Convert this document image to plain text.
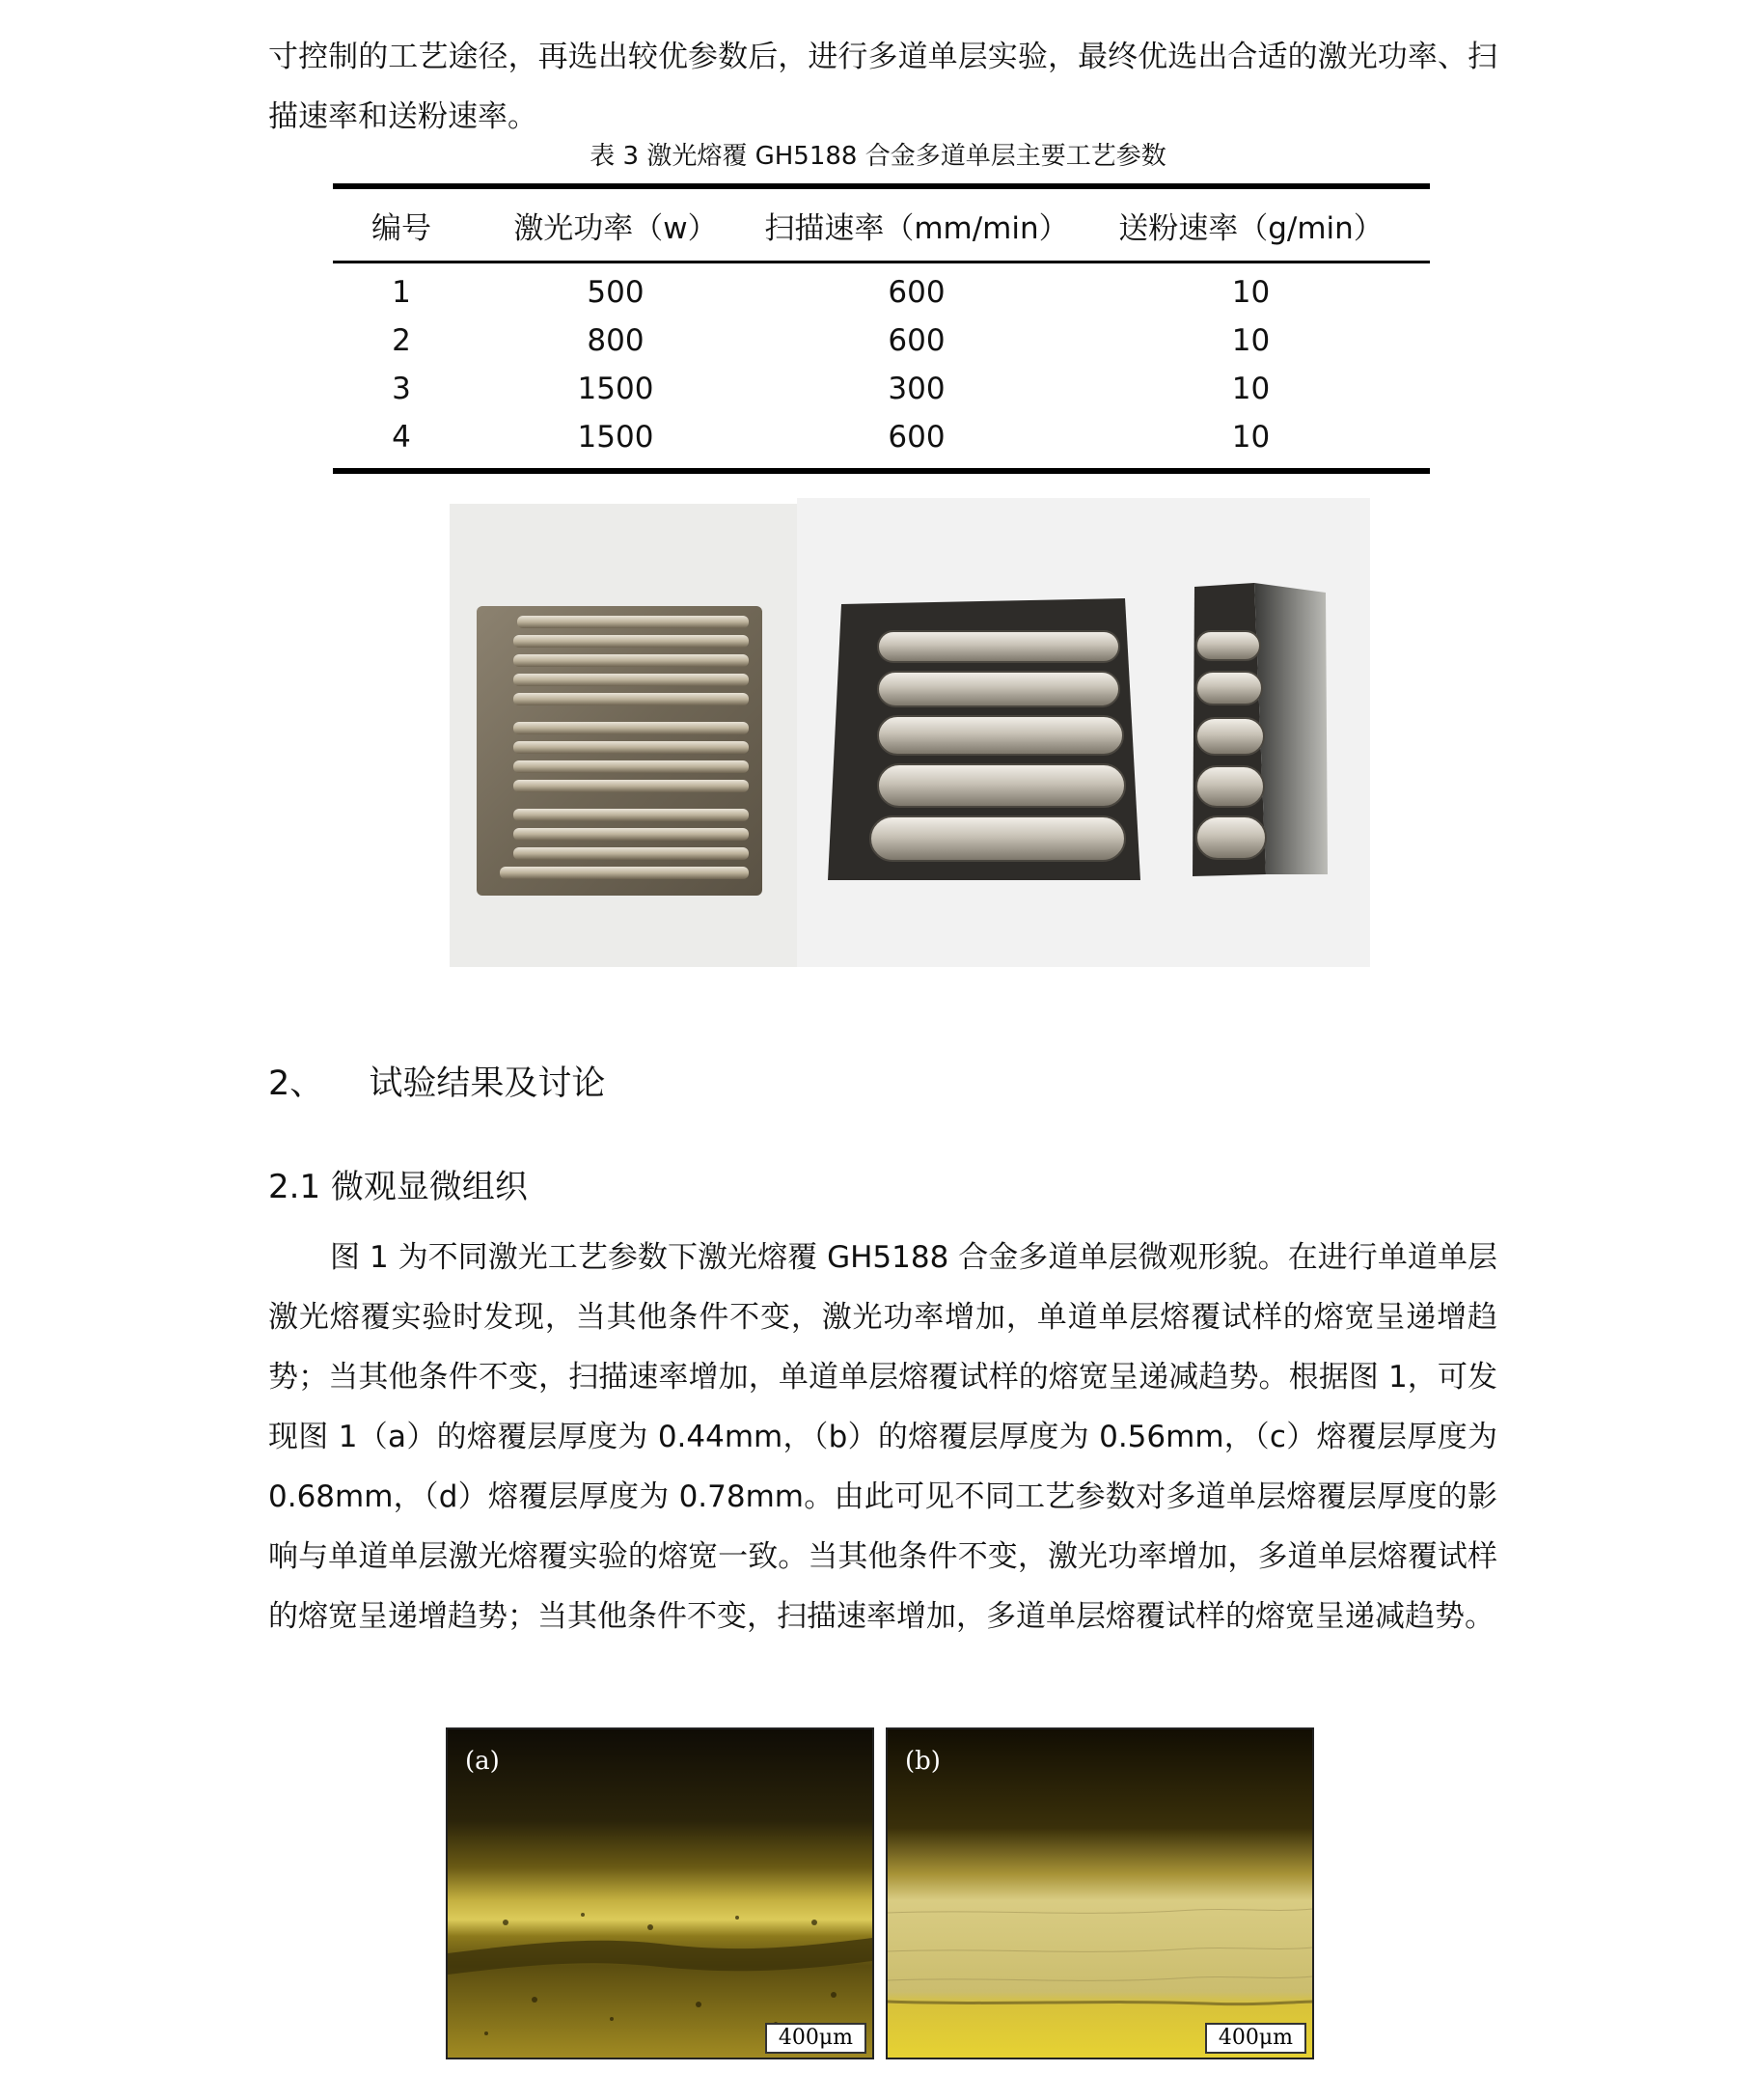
寸控制的工艺途径，再选出较优参数后，进行多道单层实验，最终优选出合适的激光功率、扫描速率和送粉速率。

表 3 激光熔覆 GH5188 合金多道单层主要工艺参数
编号	激光功率（w）	扫描速率（mm/min）	送粉速率（g/min）
1	500	600	10
2	800	600	10
3	1500	300	10
4	1500	600	10
2、 试验结果及讨论
2.1 微观显微组织

图 1 为不同激光工艺参数下激光熔覆 GH5188 合金多道单层微观形貌。在进行单道单层激光熔覆实验时发现，当其他条件不变，激光功率增加，单道单层熔覆试样的熔宽呈递增趋势；当其他条件不变，扫描速率增加，单道单层熔覆试样的熔宽呈递减趋势。根据图 1，可发现图 1（a）的熔覆层厚度为 0.44mm，（b）的熔覆层厚度为 0.56mm，（c）熔覆层厚度为 0.68mm，（d）熔覆层厚度为 0.78mm。由此可见不同工艺参数对多道单层熔覆层厚度的影响与单道单层激光熔覆实验的熔宽一致。当其他条件不变，激光功率增加，多道单层熔覆试样的熔宽呈递增趋势；当其他条件不变，扫描速率增加，多道单层熔覆试样的熔宽呈递减趋势。

(a)
400μm
(b)
400μm
